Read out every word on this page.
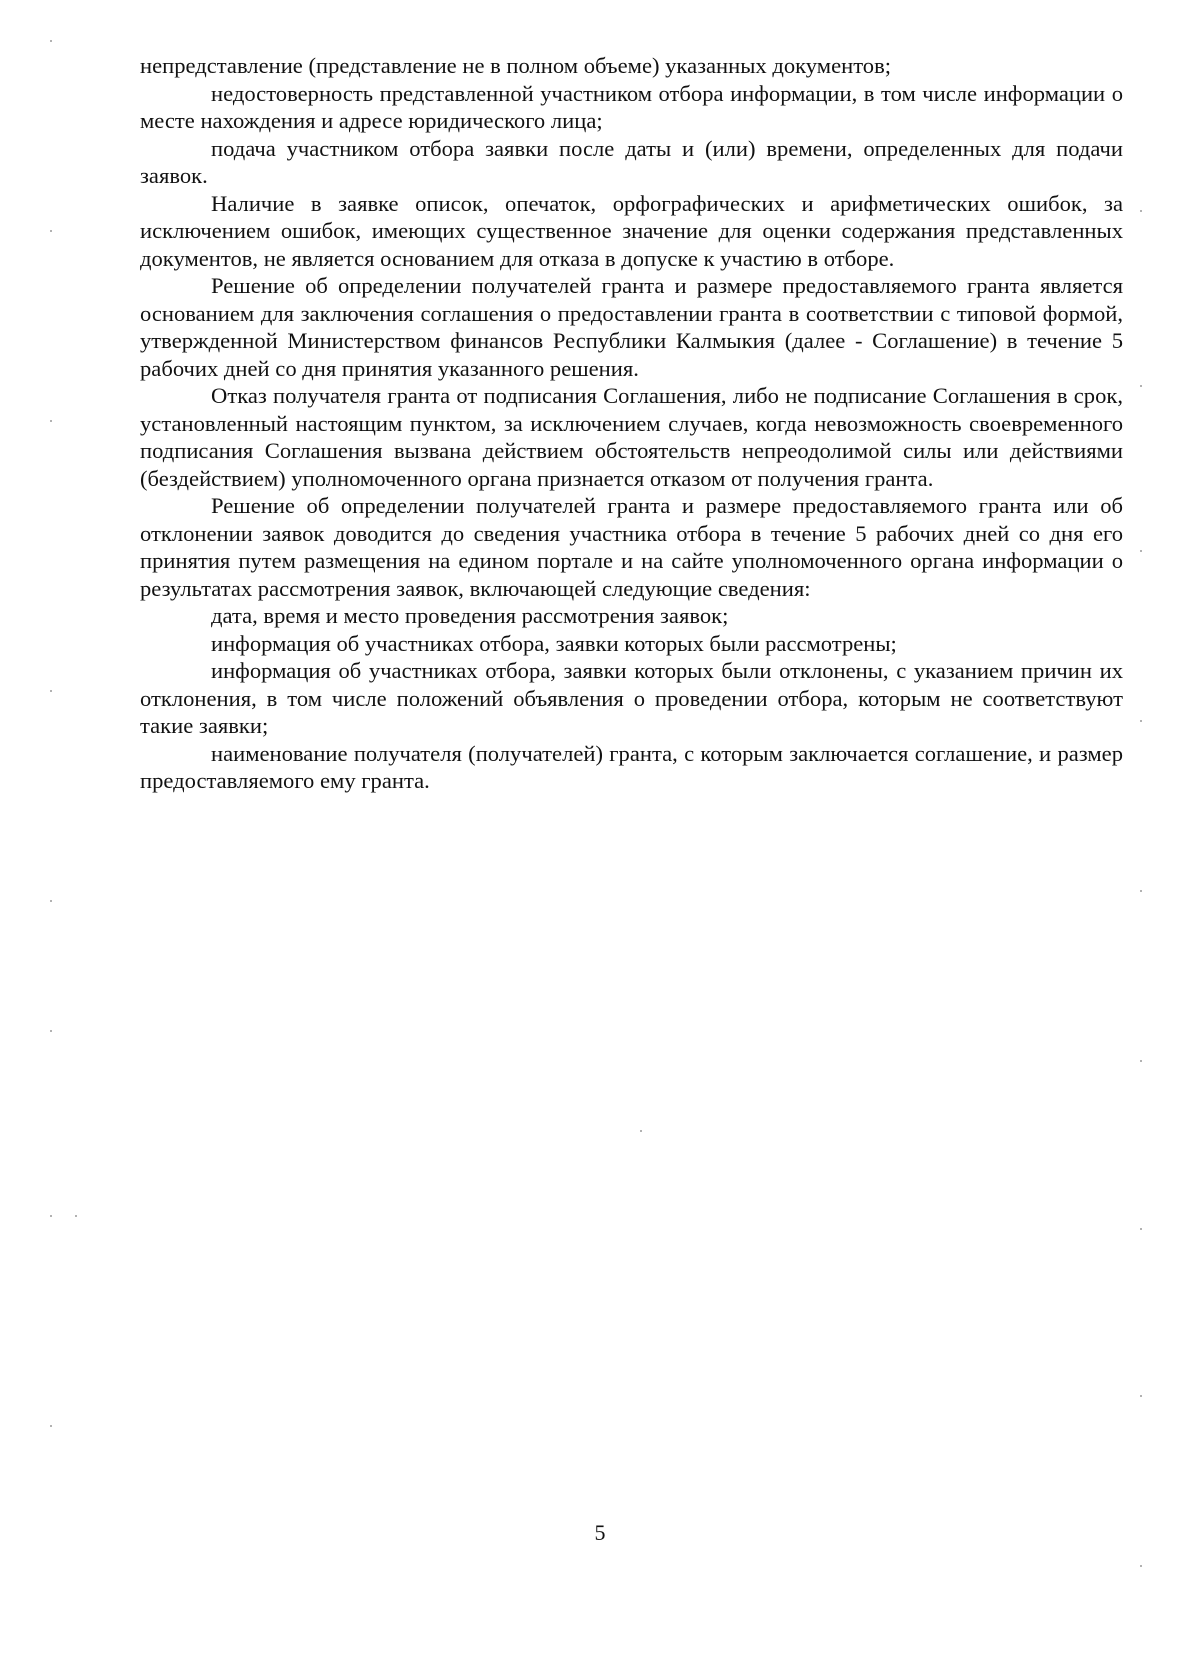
непредставление (представление не в полном объеме) указанных документов;

недостоверность представленной участником отбора информации, в том числе информации о месте нахождения и адресе юридического лица;

подача участником отбора заявки после даты и (или) времени, определенных для подачи заявок.

Наличие в заявке описок, опечаток, орфографических и арифметических ошибок, за исключением ошибок, имеющих существенное значение для оценки содержания представленных документов, не является основанием для отказа в допуске к участию в отборе.

Решение об определении получателей гранта и размере предоставляемого гранта является основанием для заключения соглашения о предоставлении гранта в соответствии с типовой формой, утвержденной Министерством финансов Республики Калмыкия (далее - Соглашение) в течение 5 рабочих дней со дня принятия указанного решения.

Отказ получателя гранта от подписания Соглашения, либо не подписание Соглашения в срок, установленный настоящим пунктом, за исключением случаев, когда невозможность своевременного подписания Соглашения вызвана действием обстоятельств непреодолимой силы или действиями (бездействием) уполномоченного органа признается отказом от получения гранта.

Решение об определении получателей гранта и размере предоставляемого гранта или об отклонении заявок доводится до сведения участника отбора в течение 5 рабочих дней со дня его принятия путем размещения на едином портале и на сайте уполномоченного органа информации о результатах рассмотрения заявок, включающей следующие сведения:

дата, время и место проведения рассмотрения заявок;

информация об участниках отбора, заявки которых были рассмотрены;

информация об участниках отбора, заявки которых были отклонены, с указанием причин их отклонения, в том числе положений объявления о проведении отбора, которым не соответствуют такие заявки;

наименование получателя (получателей) гранта, с которым заключается соглашение, и размер предоставляемого ему гранта.

5
